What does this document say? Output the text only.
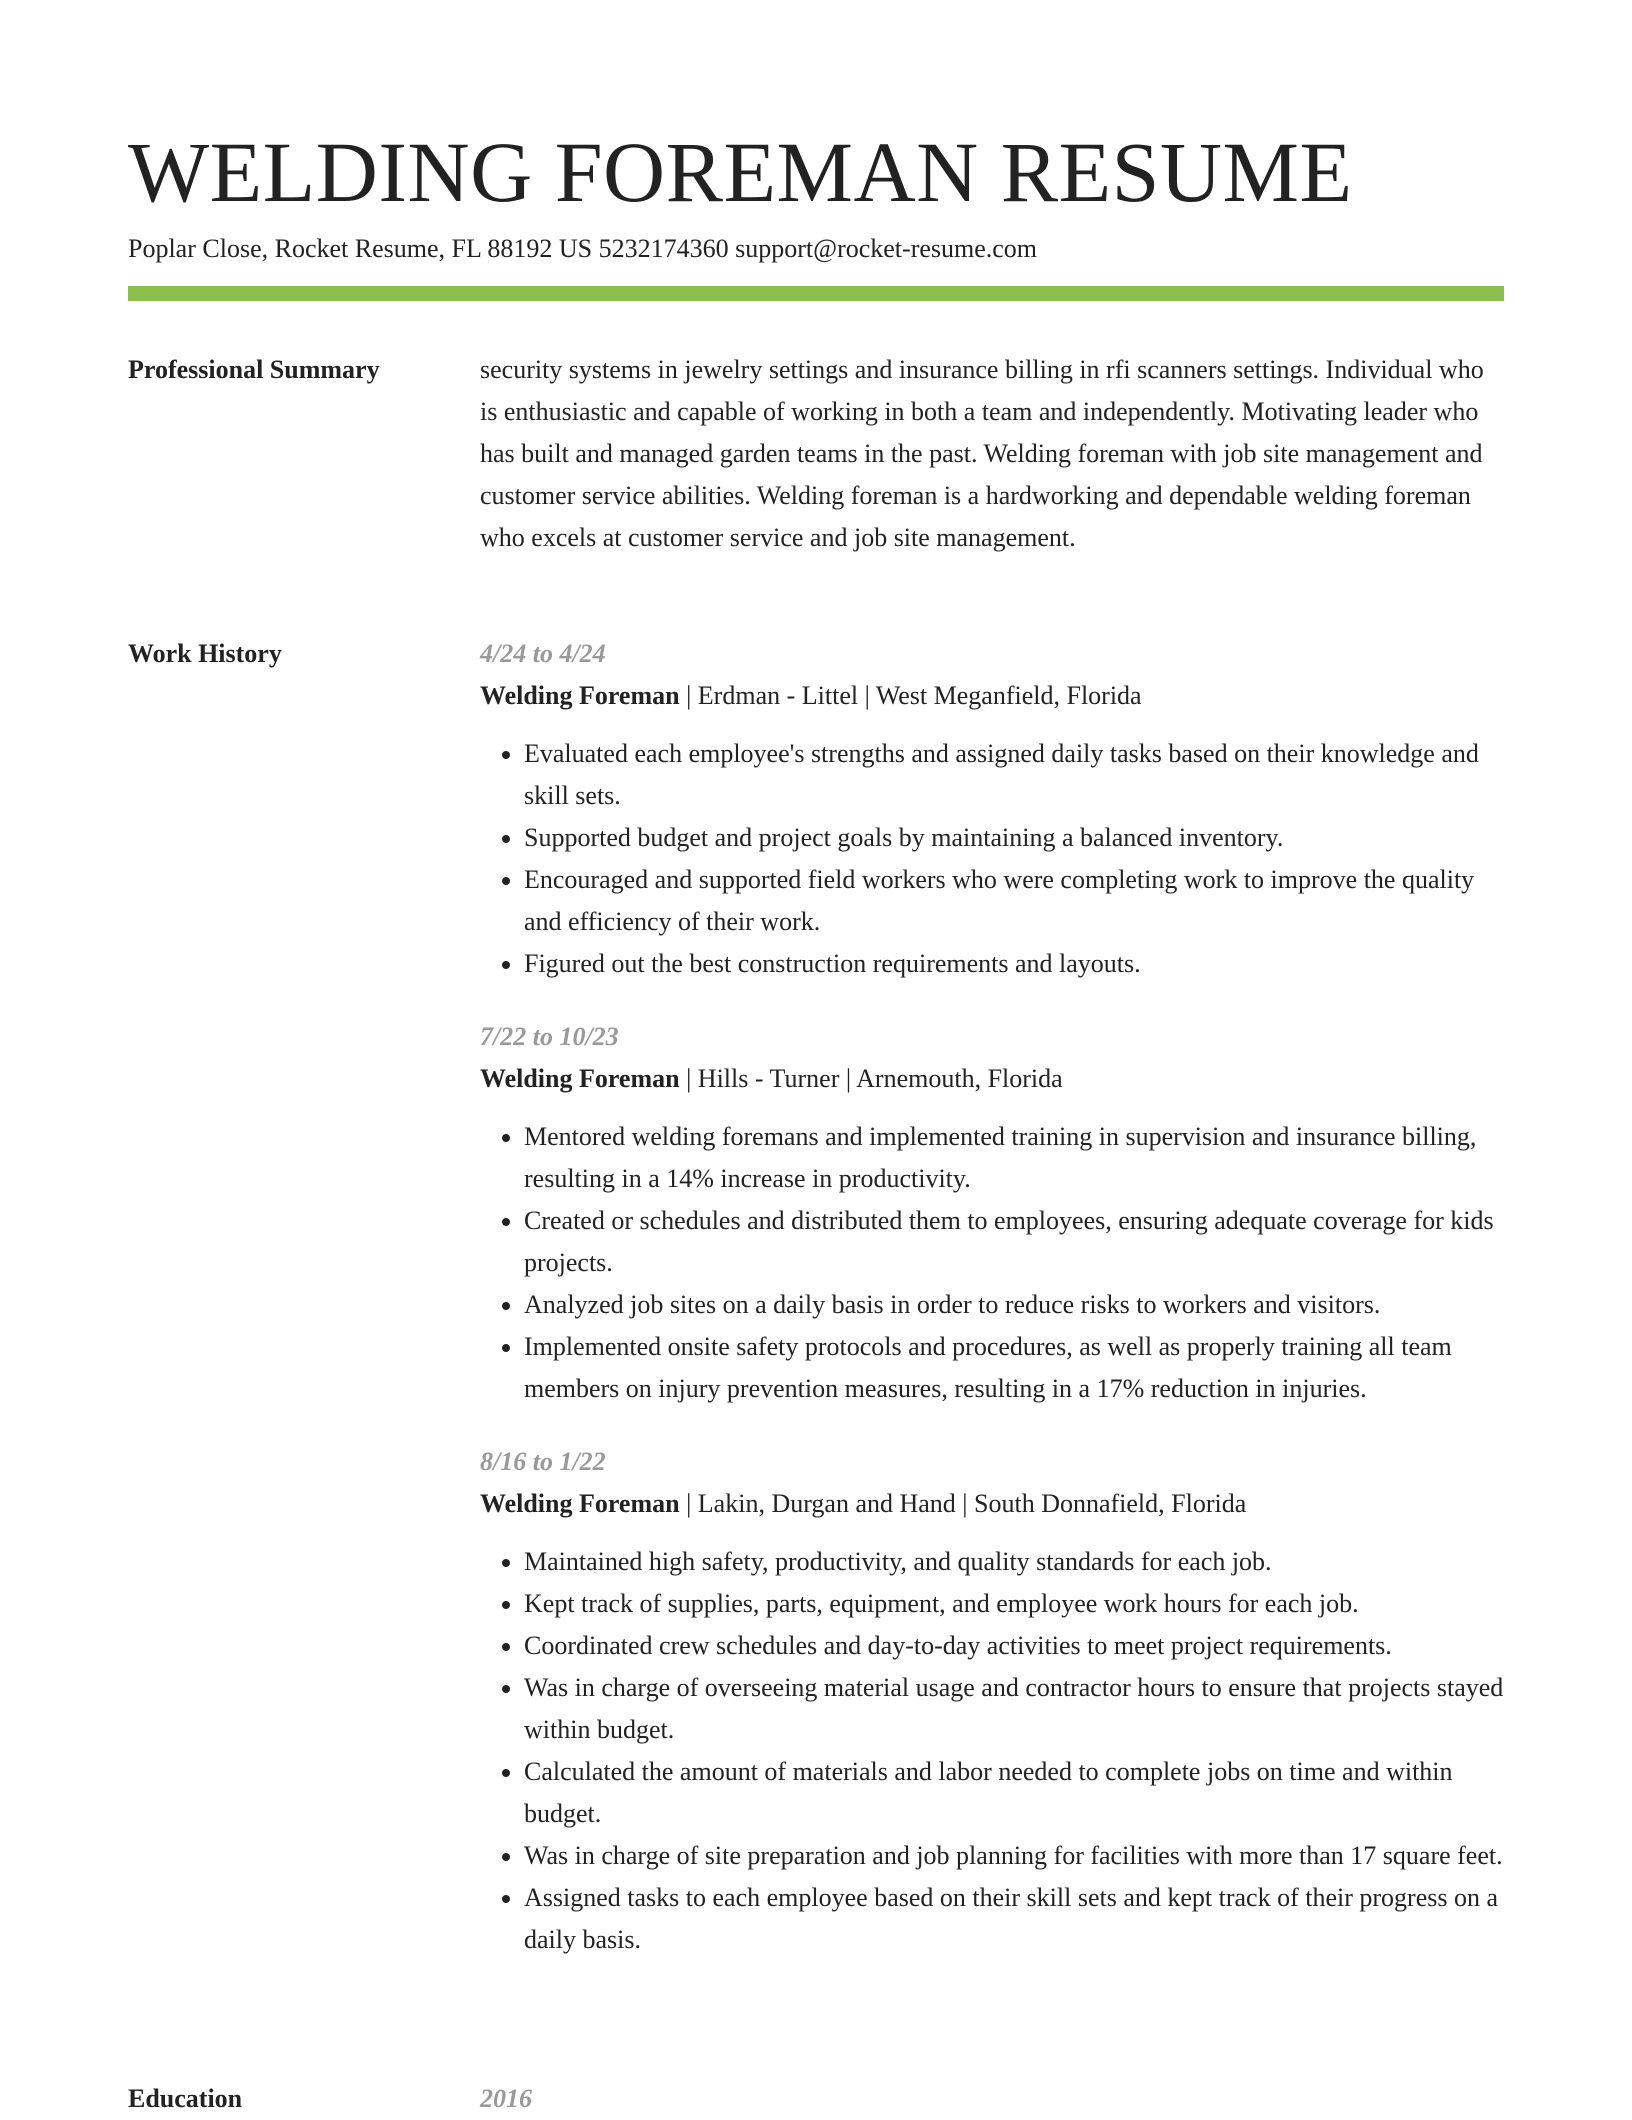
WELDING FOREMAN RESUME
Poplar Close, Rocket Resume, FL 88192 US 5232174360 support@rocket-resume.com
Professional Summary	security systems in jewelry settings and insurance billing in rfi scanners settings. Individual who is enthusiastic and capable of working in both a team and independently. Motivating leader who has built and managed garden teams in the past. Welding foreman with job site management and customer service abilities. Welding foreman is a hardworking and dependable welding foreman who excels at customer service and job site management.

Work History	4/24 to 4/24
Welding Foreman | Erdman - Littel | West Meganfield, Florida
• Evaluated each employee's strengths and assigned daily tasks based on their knowledge and skill sets.
• Supported budget and project goals by maintaining a balanced inventory.
• Encouraged and supported field workers who were completing work to improve the quality and efficiency of their work.
• Figured out the best construction requirements and layouts.
7/22 to 10/23
Welding Foreman | Hills - Turner | Arnemouth, Florida
• Mentored welding foremans and implemented training in supervision and insurance billing, resulting in a 14% increase in productivity.
• Created or schedules and distributed them to employees, ensuring adequate coverage for kids projects.
• Analyzed job sites on a daily basis in order to reduce risks to workers and visitors.
• Implemented onsite safety protocols and procedures, as well as properly training all team members on injury prevention measures, resulting in a 17% reduction in injuries.
8/16 to 1/22
Welding Foreman | Lakin, Durgan and Hand | South Donnafield, Florida
• Maintained high safety, productivity, and quality standards for each job.
• Kept track of supplies, parts, equipment, and employee work hours for each job.
• Coordinated crew schedules and day-to-day activities to meet project requirements.
• Was in charge of overseeing material usage and contractor hours to ensure that projects stayed within budget.
• Calculated the amount of materials and labor needed to complete jobs on time and within budget.
• Was in charge of site preparation and job planning for facilities with more than 17 square feet.
• Assigned tasks to each employee based on their skill sets and kept track of their progress on a daily basis.
Education	2016
